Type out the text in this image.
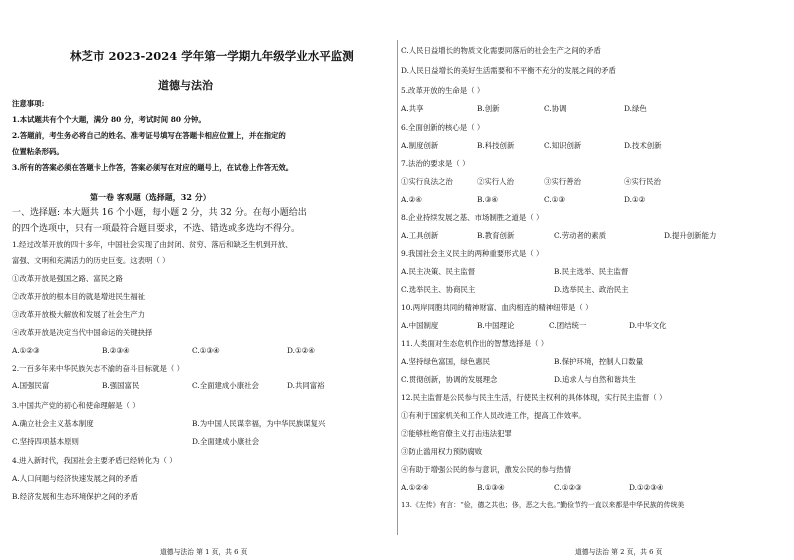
林芝市 2023-2024 学年第一学期九年级学业水平监测
道德与法治
注意事项:
1.本试题共有个个大题，满分 80 分，考试时间 80 分钟。
2.答题前，考生务必将自己的姓名、准考证号填写在答题卡相应位置上，并在指定的
位置粘条形码。
3.所有的答案必须在答题卡上作答，答案必须写在对应的题号上，在试卷上作答无效。
第一卷 客观题（选择题，32 分）
一、选择题: 本大题共 16 个小题，每小题 2 分，共 32 分。在每小题给出
的四个选项中，只有一项最符合题目要求，不选、错选或多选均不得分。
1.经过改革开放的四十多年，中国社会实现了由封闭、贫穷、落后和缺乏生机到开放、
富强、文明和充满活力的历史巨变。这表明（ ）
①改革开放是强国之路、富民之路
②改革开放的根本目的就是增进民生福祉
③改革开放极大解放和发展了社会生产力
④改革开放是决定当代中国命运的关键抉择
A.①②③	B.②③④	C.①③④	D.①②④
2.一百多年来中华民族矢志不渝的奋斗目标就是（ ）
A.国强民富	B.强国富民	C.全面建成小康社会	D.共同富裕
3.中国共产党的初心和使命理解是（ ）
A.确立社会主义基本制度	B.为中国人民谋幸福，为中华民族谋复兴
C.坚持四项基本原则	D.全面建成小康社会
4.进入新时代，我国社会主要矛盾已经转化为（ ）
A.人口问题与经济快速发展之间的矛盾
B.经济发展和生态环境保护之间的矛盾
道德与法治 第 1 页，共 6 页
C.人民日益增长的物质文化需要同落后的社会生产之间的矛盾
D.人民日益增长的美好生活需要和不平衡不充分的发展之间的矛盾
5.改革开放的生命是（ ）
A.共享	B.创新	C.协调	D.绿色
6.全面创新的核心是（ ）
A.制度创新	B.科技创新	C.知识创新	D.技术创新
7.法治的要求是（ ）
①实行良法之治	②实行人治	③实行善治	④实行民治
A.②④	B.③④	C.①③	D.①②
8.企业持续发展之基、市场制胜之道是（ ）
A.工具创新	B.教育创新	C.劳动者的素质	D.提升创新能力
9.我国社会主义民主的两种重要形式是（ ）
A.民主决策、民主监督	B.民主选举、民主监督
C.选举民主、协商民主	D.选举民主、政治民主
10.两岸同胞共同的精神财富、血肉相连的精神纽带是（ ）
A.中国制度	B.中国理论	C.团结统一	D.中华文化
11.人类面对生态危机作出的智慧选择是（ ）
A.坚持绿色富国，绿色惠民	B.保护环境，控制人口数量
C.贯彻创新，协调的发展理念	D.追求人与自然和谐共生
12.民主监督是公民参与民主生活，行使民主权利的具体体现，实行民主监督（ ）
①有利于国家机关和工作人员改进工作，提高工作效率。
②能够杜绝官僚主义打击违法犯罪
③防止滥用权力预防腐败
④有助于增强公民的参与意识，激发公民的参与热情
A.①②④	B.①③④	C.①②③	D.①②③④
13.《左传》有言：“俭，德之共也；侈，恶之大也。”勤俭节约一直以来都是中华民族的传统美
道德与法治 第 2 页，共 6 页
